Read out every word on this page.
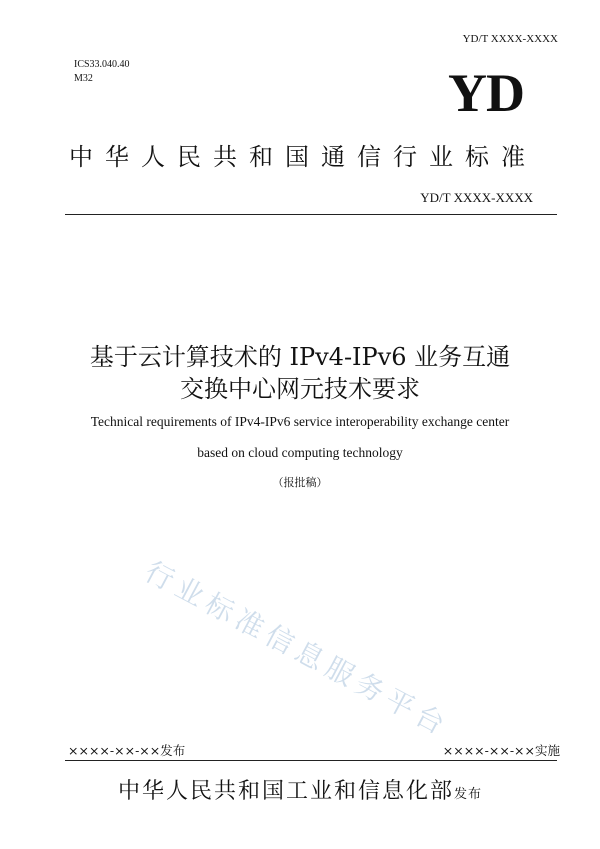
YD/T XXXX-XXXX
ICS33.040.40
M32	YD
中华人民共和国通信行业标准
YD/T XXXX-XXXX
基于云计算技术的 IPv4-IPv6 业务互通
交换中心网元技术要求
Technical requirements of IPv4-IPv6 service interoperability exchange center
based on cloud computing technology
（报批稿）
行业标准信息服务平台
××××-××-××发布	××××-××-××实施
中华人民共和国工业和信息化部发布
